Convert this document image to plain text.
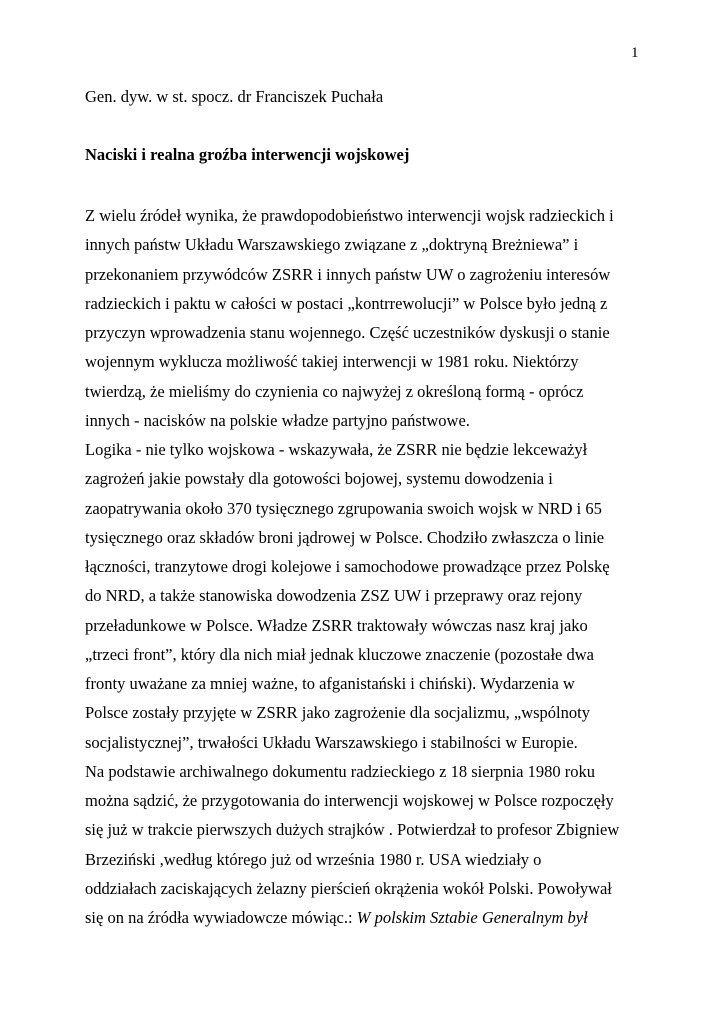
1
Gen. dyw. w st. spocz. dr Franciszek Puchała
Naciski i realna groźba interwencji wojskowej
Z wielu źródeł wynika, że prawdopodobieństwo interwencji wojsk radzieckich i
innych państw Układu Warszawskiego związane z „doktryną Breżniewa” i
przekonaniem przywódców ZSRR i innych państw UW o zagrożeniu interesów
radzieckich i paktu w całości w postaci „kontrrewolucji” w Polsce było jedną z
przyczyn wprowadzenia stanu wojennego. Część uczestników dyskusji o stanie
wojennym wyklucza możliwość takiej interwencji w 1981 roku. Niektórzy
twierdzą, że mieliśmy do czynienia co najwyżej z określoną formą - oprócz
innych - nacisków na polskie władze partyjno państwowe.
Logika - nie tylko wojskowa - wskazywała, że ZSRR nie będzie lekceważył
zagrożeń jakie powstały dla gotowości bojowej, systemu dowodzenia i
zaopatrywania około 370 tysięcznego zgrupowania swoich wojsk w NRD i 65
tysięcznego oraz składów broni jądrowej w Polsce. Chodziło zwłaszcza o linie
łączności, tranzytowe drogi kolejowe i samochodowe prowadzące przez Polskę
do NRD, a także stanowiska dowodzenia ZSZ UW i przeprawy oraz rejony
przeładunkowe w Polsce. Władze ZSRR traktowały wówczas nasz kraj jako
„trzeci front”, który dla nich miał jednak kluczowe znaczenie (pozostałe dwa
fronty uważane za mniej ważne, to afganistański i chiński). Wydarzenia w
Polsce zostały przyjęte w ZSRR jako zagrożenie dla socjalizmu, „wspólnoty
socjalistycznej”, trwałości Układu Warszawskiego i stabilności w Europie.
Na podstawie archiwalnego dokumentu radzieckiego z 18 sierpnia 1980 roku
można sądzić, że przygotowania do interwencji wojskowej w Polsce rozpoczęły
się już w trakcie pierwszych dużych strajków . Potwierdzał to profesor Zbigniew
Brzeziński ,według którego już od września 1980 r. USA wiedziały o
oddziałach zaciskających żelazny pierścień okrążenia wokół Polski. Powoływał
się on na źródła wywiadowcze mówiąc.: W polskim Sztabie Generalnym był
